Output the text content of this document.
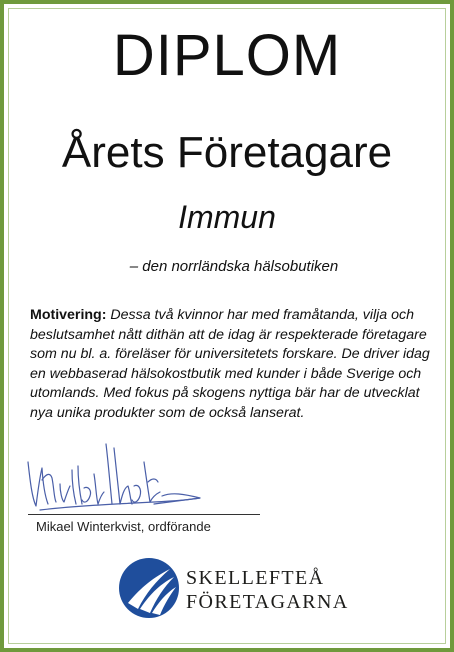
DIPLOM
Årets Företagare
Immun
– den norrländska hälsobutiken
Motivering: Dessa två kvinnor har med framåtanda, vilja och beslutsamhet nått dithän att de idag är respekterade företagare som nu bl. a. föreläser för universitetets forskare. De driver idag en webbaserad hälsokostbutik med kunder i både Sverige och utomlands. Med fokus på skogens nyttiga bär har de utvecklat nya unika produkter som de också lanserat.
Mikael Winterkvist, ordförande
SKELLEFTEÅ
FÖRETAGARNA
